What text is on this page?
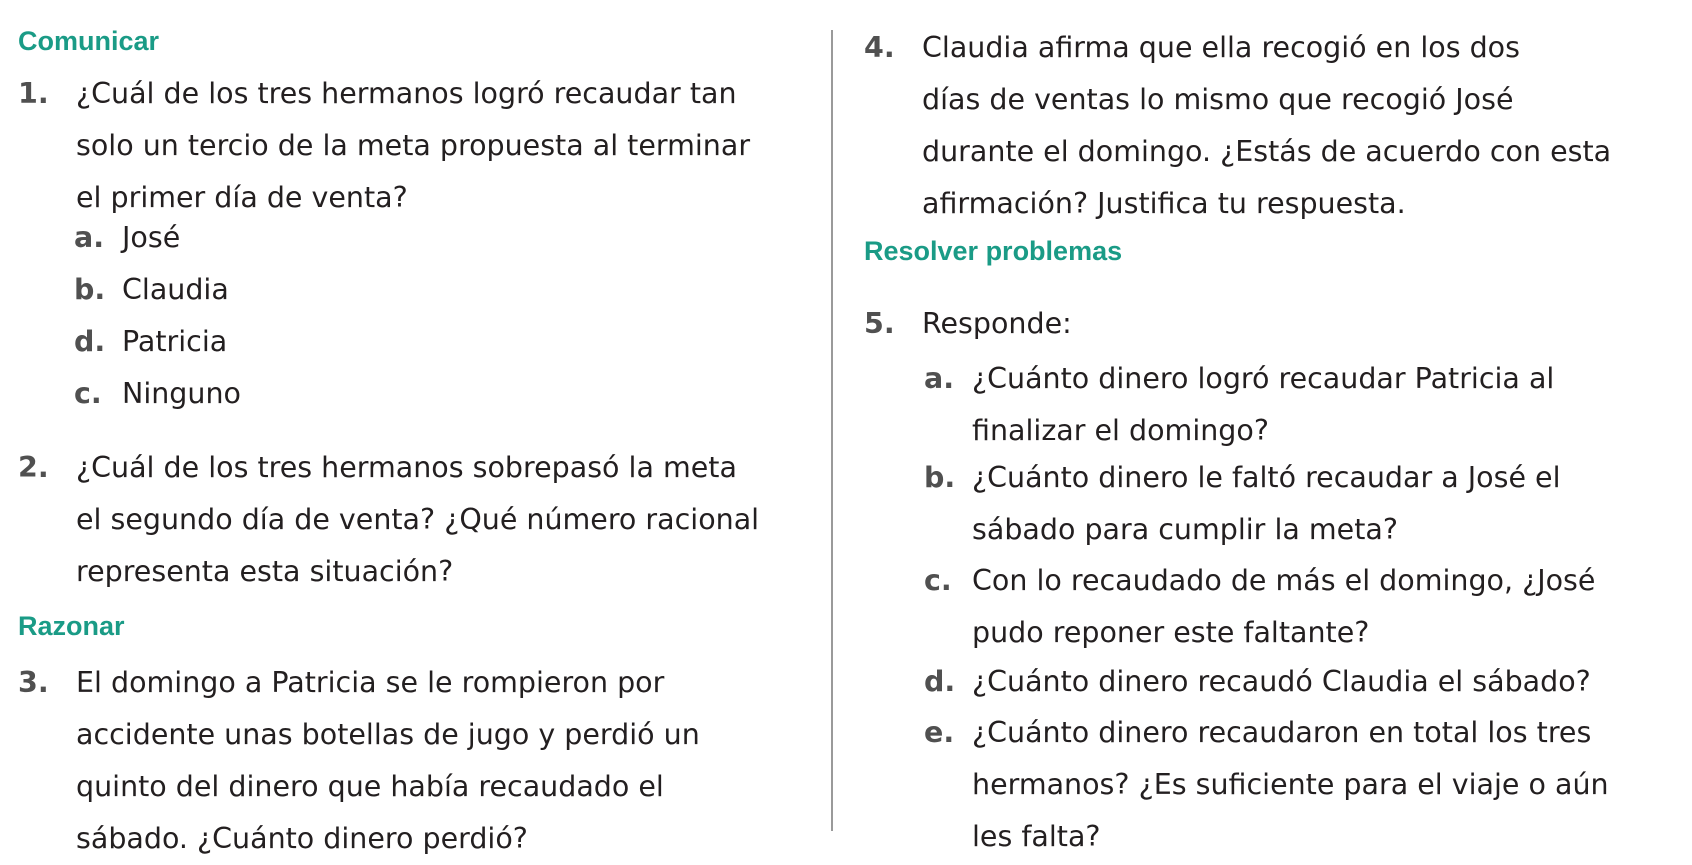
Comunicar
1. ¿Cuál de los tres hermanos logró recaudar tan
solo un tercio de la meta propuesta al terminar
el primer día de venta?
a. José
b. Claudia
d. Patricia
c. Ninguno
2. ¿Cuál de los tres hermanos sobrepasó la meta
el segundo día de venta? ¿Qué número racional
representa esta situación?
Razonar
3. El domingo a Patricia se le rompieron por
accidente unas botellas de jugo y perdió un
quinto del dinero que había recaudado el
sábado. ¿Cuánto dinero perdió?
4. Claudia afirma que ella recogió en los dos
días de ventas lo mismo que recogió José
durante el domingo. ¿Estás de acuerdo con esta
afirmación? Justifica tu respuesta.
Resolver problemas
5. Responde:
a. ¿Cuánto dinero logró recaudar Patricia al
finalizar el domingo?
b. ¿Cuánto dinero le faltó recaudar a José el
sábado para cumplir la meta?
c. Con lo recaudado de más el domingo, ¿José
pudo reponer este faltante?
d. ¿Cuánto dinero recaudó Claudia el sábado?
e. ¿Cuánto dinero recaudaron en total los tres
hermanos? ¿Es suficiente para el viaje o aún
les falta?
